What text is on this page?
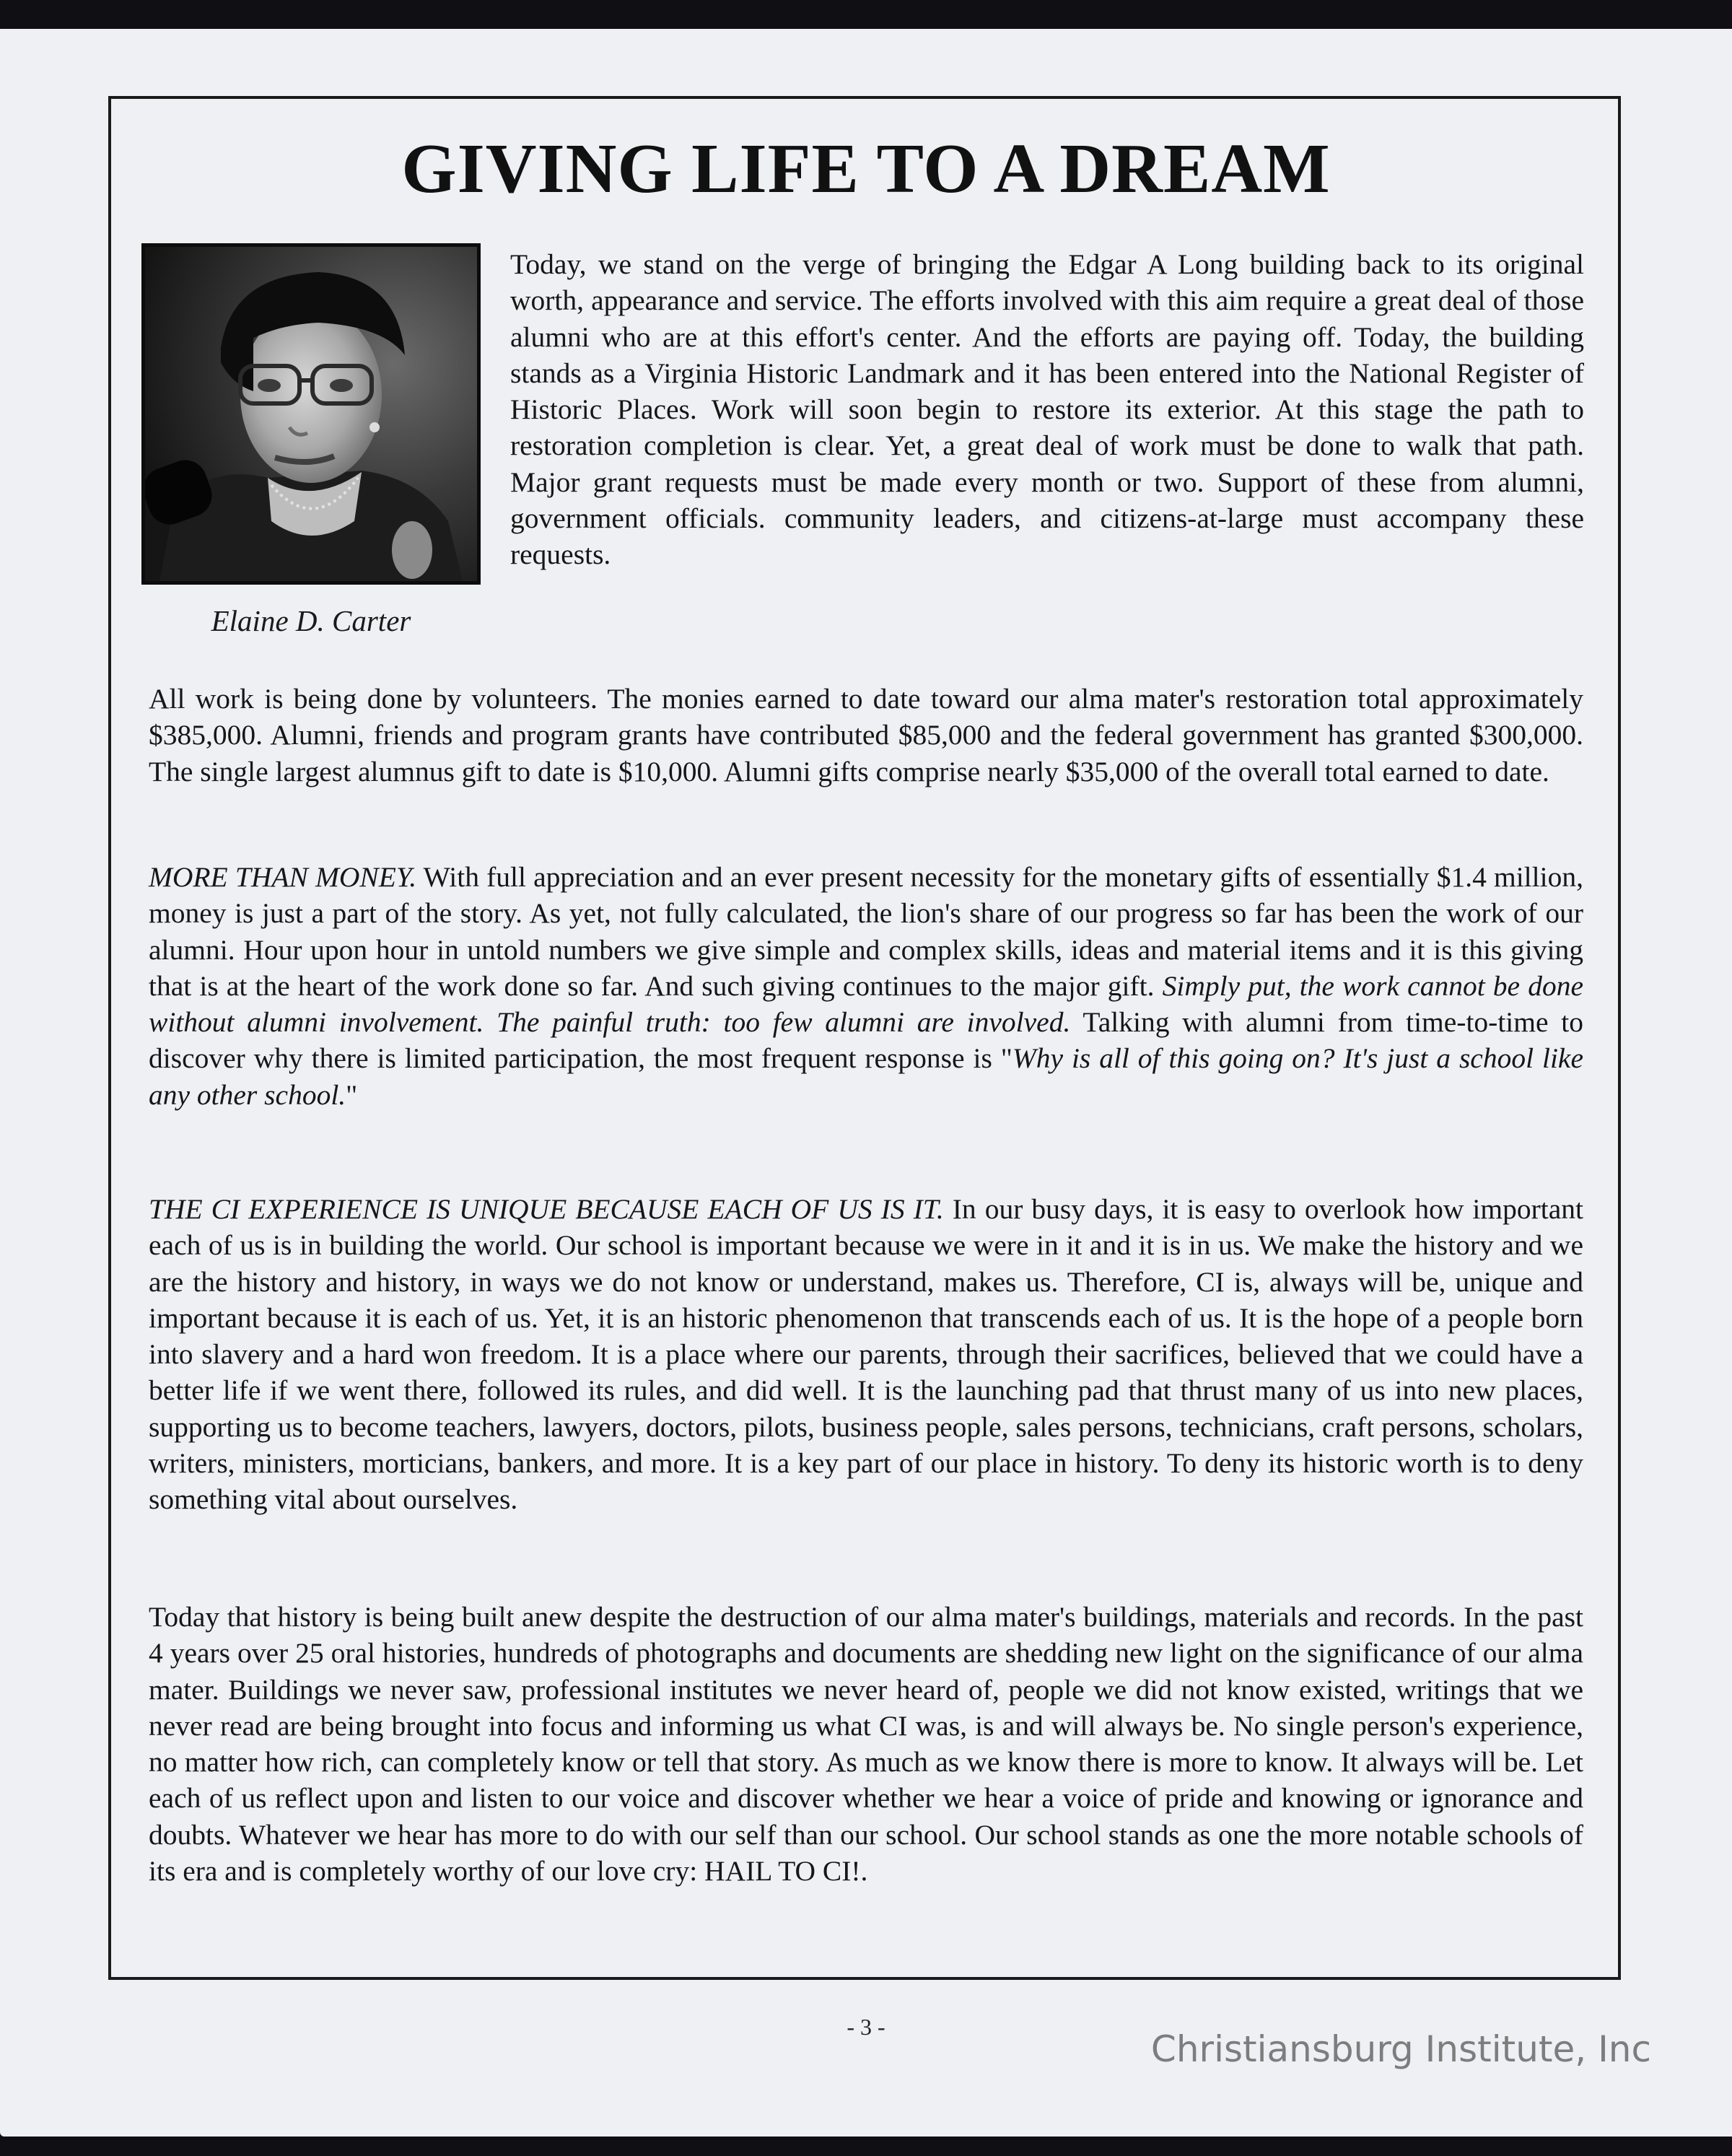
GIVING LIFE TO A DREAM
Elaine D. Carter

Today, we stand on the verge of bringing the Edgar A Long building back to its original worth, appearance and service. The efforts involved with this aim require a great deal of those alumni who are at this effort's center. And the efforts are paying off. Today, the building stands as a Virginia Historic Landmark and it has been entered into the National Register of Historic Places. Work will soon begin to restore its exterior. At this stage the path to restoration completion is clear. Yet, a great deal of work must be done to walk that path. Major grant requests must be made every month or two. Support of these from alumni, government officials. community leaders, and citizens-at-large must accompany these requests.

All work is being done by volunteers. The monies earned to date toward our alma mater's restoration total approximately $385,000. Alumni, friends and program grants have contributed $85,000 and the federal government has granted $300,000. The single largest alumnus gift to date is $10,000. Alumni gifts comprise nearly $35,000 of the overall total earned to date.

MORE THAN MONEY. With full appreciation and an ever present necessity for the monetary gifts of essentially $1.4 million, money is just a part of the story. As yet, not fully calculated, the lion's share of our progress so far has been the work of our alumni. Hour upon hour in untold numbers we give simple and complex skills, ideas and material items and it is this giving that is at the heart of the work done so far. And such giving continues to the major gift. Simply put, the work cannot be done without alumni involvement. The painful truth: too few alumni are involved. Talking with alumni from time-to-time to discover why there is limited participation, the most frequent response is "Why is all of this going on? It's just a school like any other school."

THE CI EXPERIENCE IS UNIQUE BECAUSE EACH OF US IS IT. In our busy days, it is easy to overlook how important each of us is in building the world. Our school is important because we were in it and it is in us. We make the history and we are the history and history, in ways we do not know or understand, makes us. Therefore, CI is, always will be, unique and important because it is each of us. Yet, it is an historic phenomenon that transcends each of us. It is the hope of a people born into slavery and a hard won freedom. It is a place where our parents, through their sacrifices, believed that we could have a better life if we went there, followed its rules, and did well. It is the launching pad that thrust many of us into new places, supporting us to become teachers, lawyers, doctors, pilots, business people, sales persons, technicians, craft persons, scholars, writers, ministers, morticians, bankers, and more. It is a key part of our place in history. To deny its historic worth is to deny something vital about ourselves.

Today that history is being built anew despite the destruction of our alma mater's buildings, materials and records. In the past 4 years over 25 oral histories, hundreds of photographs and documents are shedding new light on the significance of our alma mater. Buildings we never saw, professional institutes we never heard of, people we did not know existed, writings that we never read are being brought into focus and informing us what CI was, is and will always be. No single person's experience, no matter how rich, can completely know or tell that story. As much as we know there is more to know. It always will be. Let each of us reflect upon and listen to our voice and discover whether we hear a voice of pride and knowing or ignorance and doubts. Whatever we hear has more to do with our self than our school. Our school stands as one the more notable schools of its era and is completely worthy of our love cry: HAIL TO CI!.

- 3 -
Christiansburg Institute, Inc
